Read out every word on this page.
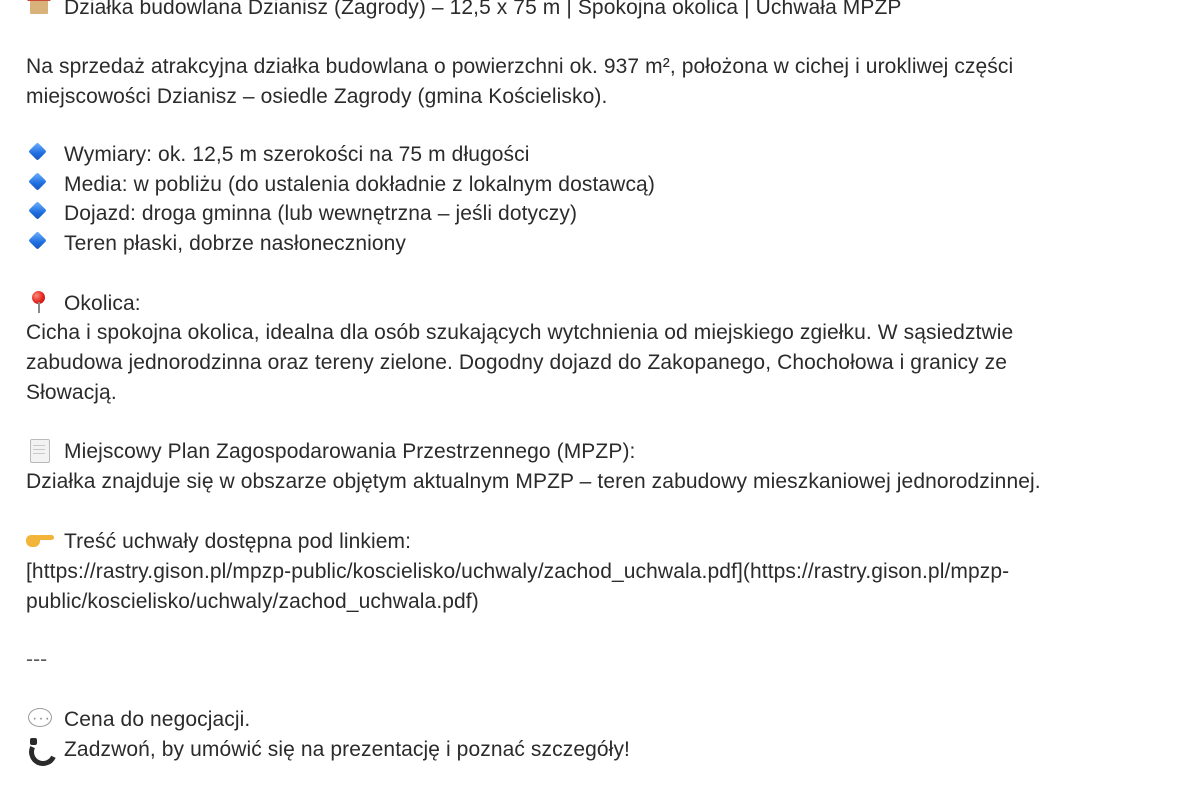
Działka budowlana Dzianisz (Zagrody) – 12,5 x 75 m | Spokojna okolica | Uchwała MPZP
Na sprzedaż atrakcyjna działka budowlana o powierzchni ok. 937 m², położona w cichej i urokliwej części
miejscowości Dzianisz – osiedle Zagrody (gmina Kościelisko).
Wymiary: ok. 12,5 m szerokości na 75 m długości
Media: w pobliżu (do ustalenia dokładnie z lokalnym dostawcą)
Dojazd: droga gminna (lub wewnętrzna – jeśli dotyczy)
Teren płaski, dobrze nasłoneczniony
Okolica:
Cicha i spokojna okolica, idealna dla osób szukających wytchnienia od miejskiego zgiełku. W sąsiedztwie
zabudowa jednorodzinna oraz tereny zielone. Dogodny dojazd do Zakopanego, Chochołowa i granicy ze
Słowacją.
Miejscowy Plan Zagospodarowania Przestrzennego (MPZP):
Działka znajduje się w obszarze objętym aktualnym MPZP – teren zabudowy mieszkaniowej jednorodzinnej.
Treść uchwały dostępna pod linkiem:
[https://rastry.gison.pl/mpzp-public/koscielisko/uchwaly/zachod_uchwala.pdf](https://rastry.gison.pl/mpzp-
public/koscielisko/uchwaly/zachod_uchwala.pdf)
---
···Cena do negocjacji.
Zadzwoń, by umówić się na prezentację i poznać szczegóły!
